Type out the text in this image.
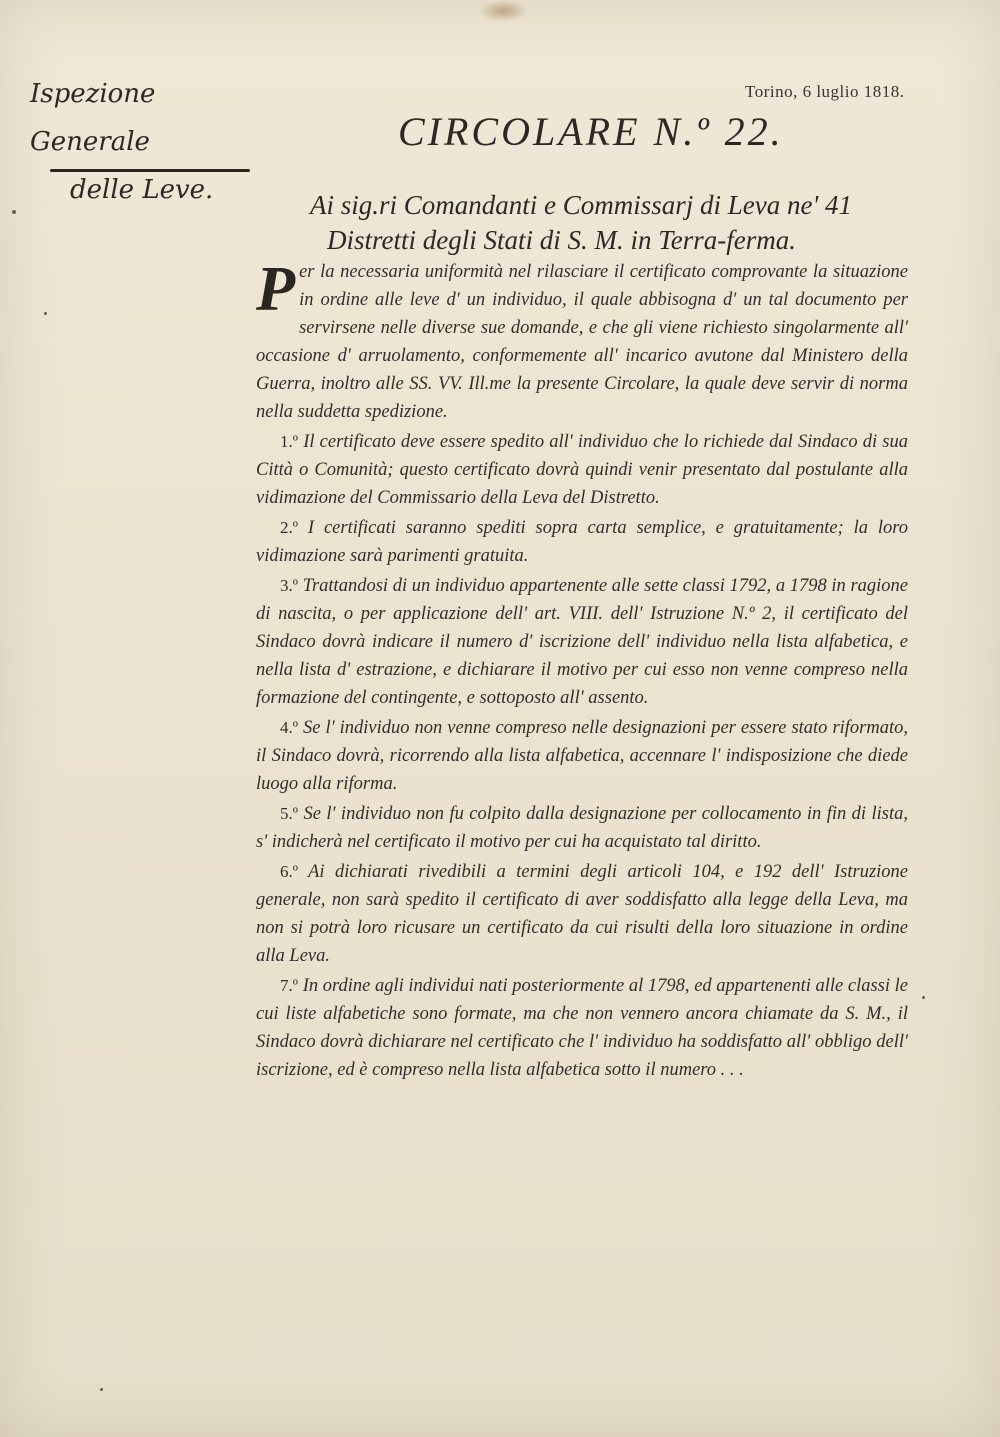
Ispezione Generale
delle Leve.
Torino, 6 luglio 1818.
CIRCOLARE N.º 22.
Ai sig.ri Comandanti e Commissarj di Leva ne' 41
Distretti degli Stati di S. M. in Terra-ferma.

Per la necessaria uniformità nel rilasciare il certificato comprovante la situazione in ordine alle leve d' un individuo, il quale abbisogna d' un tal documento per servirsene nelle diverse sue domande, e che gli viene richiesto singolarmente all' occasione d' arruolamento, conformemente all' incarico avutone dal Ministero della Guerra, inoltro alle SS. VV. Ill.me la presente Circolare, la quale deve servir di norma nella suddetta spedizione.

1.º Il certificato deve essere spedito all' individuo che lo richiede dal Sindaco di sua Città o Comunità; questo certificato dovrà quindi venir presentato dal postulante alla vidimazione del Commissario della Leva del Distretto.

2.º I certificati saranno spediti sopra carta semplice, e gratuitamente; la loro vidimazione sarà parimenti gratuita.

3.º Trattandosi di un individuo appartenente alle sette classi 1792, a 1798 in ragione di nascita, o per applicazione dell' art. VIII. dell' Istruzione N.º 2, il certificato del Sindaco dovrà indicare il numero d' iscrizione dell' individuo nella lista alfabetica, e nella lista d' estrazione, e dichiarare il motivo per cui esso non venne compreso nella formazione del contingente, e sottoposto all' assento.

4.º Se l' individuo non venne compreso nelle designazioni per essere stato riformato, il Sindaco dovrà, ricorrendo alla lista alfabetica, accennare l' indisposizione che diede luogo alla riforma.

5.º Se l' individuo non fu colpito dalla designazione per collocamento in fin di lista, s' indicherà nel certificato il motivo per cui ha acquistato tal diritto.

6.º Ai dichiarati rivedibili a termini degli articoli 104, e 192 dell' Istruzione generale, non sarà spedito il certificato di aver soddisfatto alla legge della Leva, ma non si potrà loro ricusare un certificato da cui risulti della loro situazione in ordine alla Leva.

7.º In ordine agli individui nati posteriormente al 1798, ed appartenenti alle classi le cui liste alfabetiche sono formate, ma che non vennero ancora chiamate da S. M., il Sindaco dovrà dichiarare nel certificato che l' individuo ha soddisfatto all' obbligo dell' iscrizione, ed è compreso nella lista alfabetica sotto il numero . . .
